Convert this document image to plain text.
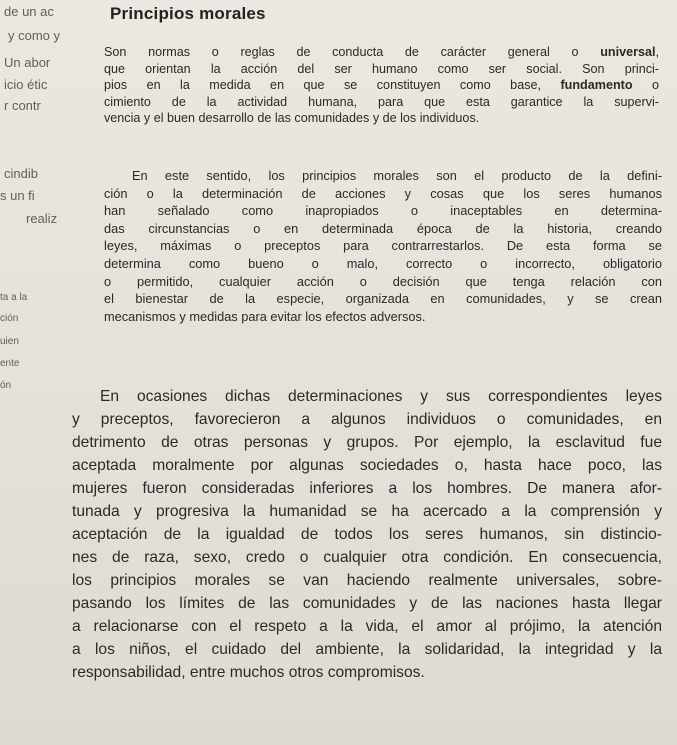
de un ac
y como y
Un abor
icio étic
r contr
cindib
s un fi
realiz
ta a la
ción
uien
ente
ón
Principios morales

Son normas o reglas de conducta de carácter general o universal,
que orientan la acción del ser humano como ser social. Son princi-
pios en la medida en que se constituyen como base, fundamento o
cimiento de la actividad humana, para que esta garantice la supervi-
vencia y el buen desarrollo de las comunidades y de los individuos.

En este sentido, los principios morales son el producto de la defini-
ción o la determinación de acciones y cosas que los seres humanos
han señalado como inapropiados o inaceptables en determina-
das circunstancias o en determinada época de la historia, creando
leyes, máximas o preceptos para contrarrestarlos. De esta forma se
determina como bueno o malo, correcto o incorrecto, obligatorio
o permitido, cualquier acción o decisión que tenga relación con
el bienestar de la especie, organizada en comunidades, y se crean
mecanismos y medidas para evitar los efectos adversos.

En ocasiones dichas determinaciones y sus correspondientes leyes
y preceptos, favorecieron a algunos individuos o comunidades, en
detrimento de otras personas y grupos. Por ejemplo, la esclavitud fue
aceptada moralmente por algunas sociedades o, hasta hace poco, las
mujeres fueron consideradas inferiores a los hombres. De manera afor-
tunada y progresiva la humanidad se ha acercado a la comprensión y
aceptación de la igualdad de todos los seres humanos, sin distincio-
nes de raza, sexo, credo o cualquier otra condición. En consecuencia,
los principios morales se van haciendo realmente universales, sobre-
pasando los límites de las comunidades y de las naciones hasta llegar
a relacionarse con el respeto a la vida, el amor al prójimo, la atención
a los niños, el cuidado del ambiente, la solidaridad, la integridad y la
responsabilidad, entre muchos otros compromisos.
